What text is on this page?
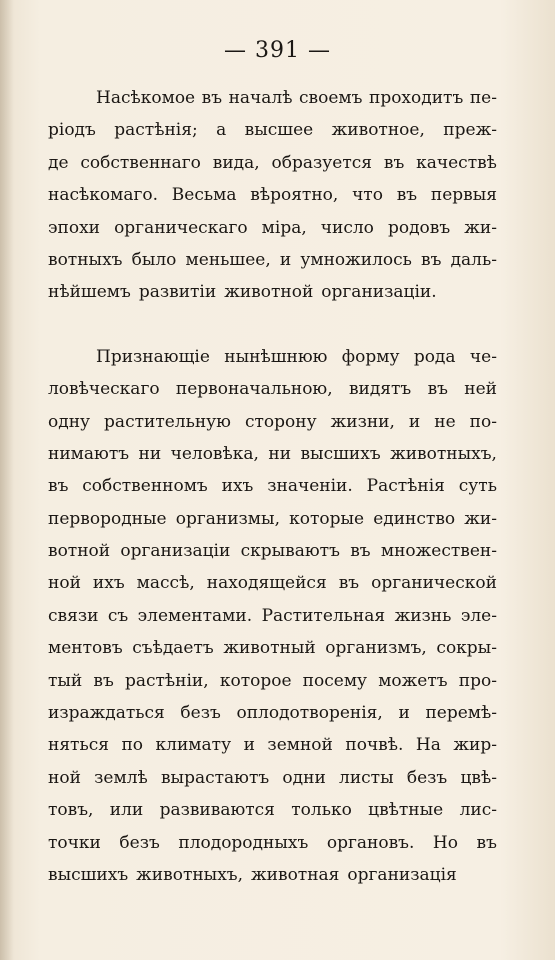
— 391 —
Насѣкомое въ началѣ своемъ проходитъ пе-
ріодъ растѣнія; а высшее животное, преж-
де собственнаго вида, образуется въ качествѣ
насѣкомаго. Весьма вѣроятно, что въ первыя
эпохи органическаго міра, число родовъ жи-
вотныхъ было меньшее, и умножилось въ даль-
нѣйшемъ развитіи животной организаціи.
Признающіе нынѣшнюю форму рода че-
ловѣческаго первоначальною, видятъ въ ней
одну растительную сторону жизни, и не по-
нимаютъ ни человѣка, ни высшихъ животныхъ,
въ собственномъ ихъ значеніи. Растѣнія суть
первородные организмы, которые единство жи-
вотной организаціи скрываютъ въ множествен-
ной ихъ массѣ, находящейся въ органической
связи съ элементами. Растительная жизнь эле-
ментовъ съѣдаетъ животный организмъ, сокры-
тый въ растѣніи, которое посему можетъ про-
израждаться безъ оплодотворенія, и перемѣ-
няться по климату и земной почвѣ. На жир-
ной землѣ вырастаютъ одни листы безъ цвѣ-
товъ, или развиваются только цвѣтные лис-
точки безъ плодородныхъ органовъ. Но въ
высшихъ животныхъ, животная организація
